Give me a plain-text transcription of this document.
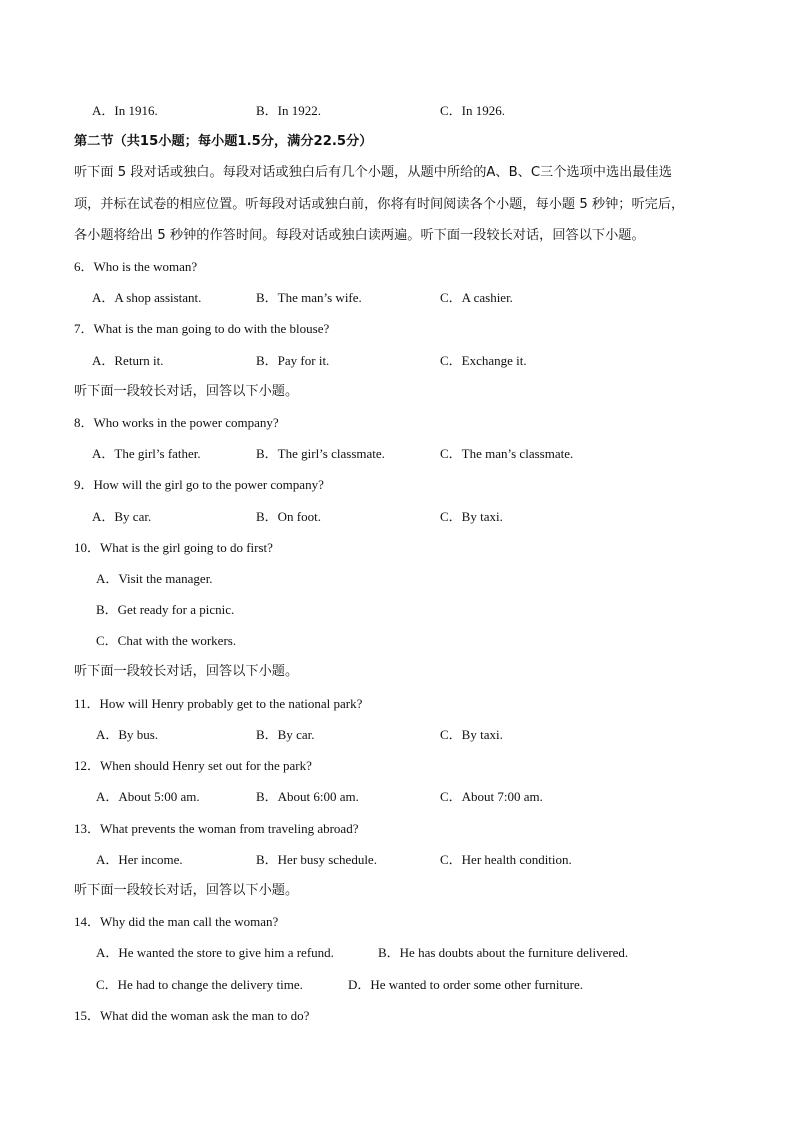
A．In 1916.	B．In 1922.	C．In 1926.
第二节（共15小题；每小题1.5分，满分22.5分）
听下面 5 段对话或独白。每段对话或独白后有几个小题，从题中所给的A、B、C三个选项中选出最佳选
项，并标在试卷的相应位置。听每段对话或独白前，你将有时间阅读各个小题，每小题 5 秒钟；听完后，
各小题将给出 5 秒钟的作答时间。每段对话或独白读两遍。听下面一段较长对话，回答以下小题。
6．Who is the woman?
A．A shop assistant.	B．The man’s wife.	C．A cashier.
7．What is the man going to do with the blouse?
A．Return it.	B．Pay for it.	C．Exchange it.
听下面一段较长对话，回答以下小题。
8．Who works in the power company?
A．The girl’s father.	B．The girl’s classmate.	C．The man’s classmate.
9．How will the girl go to the power company?
A．By car.	B．On foot.	C．By taxi.
10．What is the girl going to do first?
A．Visit the manager.
B．Get ready for a picnic.
C．Chat with the workers.
听下面一段较长对话，回答以下小题。
11．How will Henry probably get to the national park?
A．By bus.	B．By car.	C．By taxi.
12．When should Henry set out for the park?
A．About 5:00 am.	B．About 6:00 am.	C．About 7:00 am.
13．What prevents the woman from traveling abroad?
A．Her income.	B．Her busy schedule.	C．Her health condition.
听下面一段较长对话，回答以下小题。
14．Why did the man call the woman?
A．He wanted the store to give him a refund.	B．He has doubts about the furniture delivered.
C．He had to change the delivery time.	D．He wanted to order some other furniture.
15．What did the woman ask the man to do?
